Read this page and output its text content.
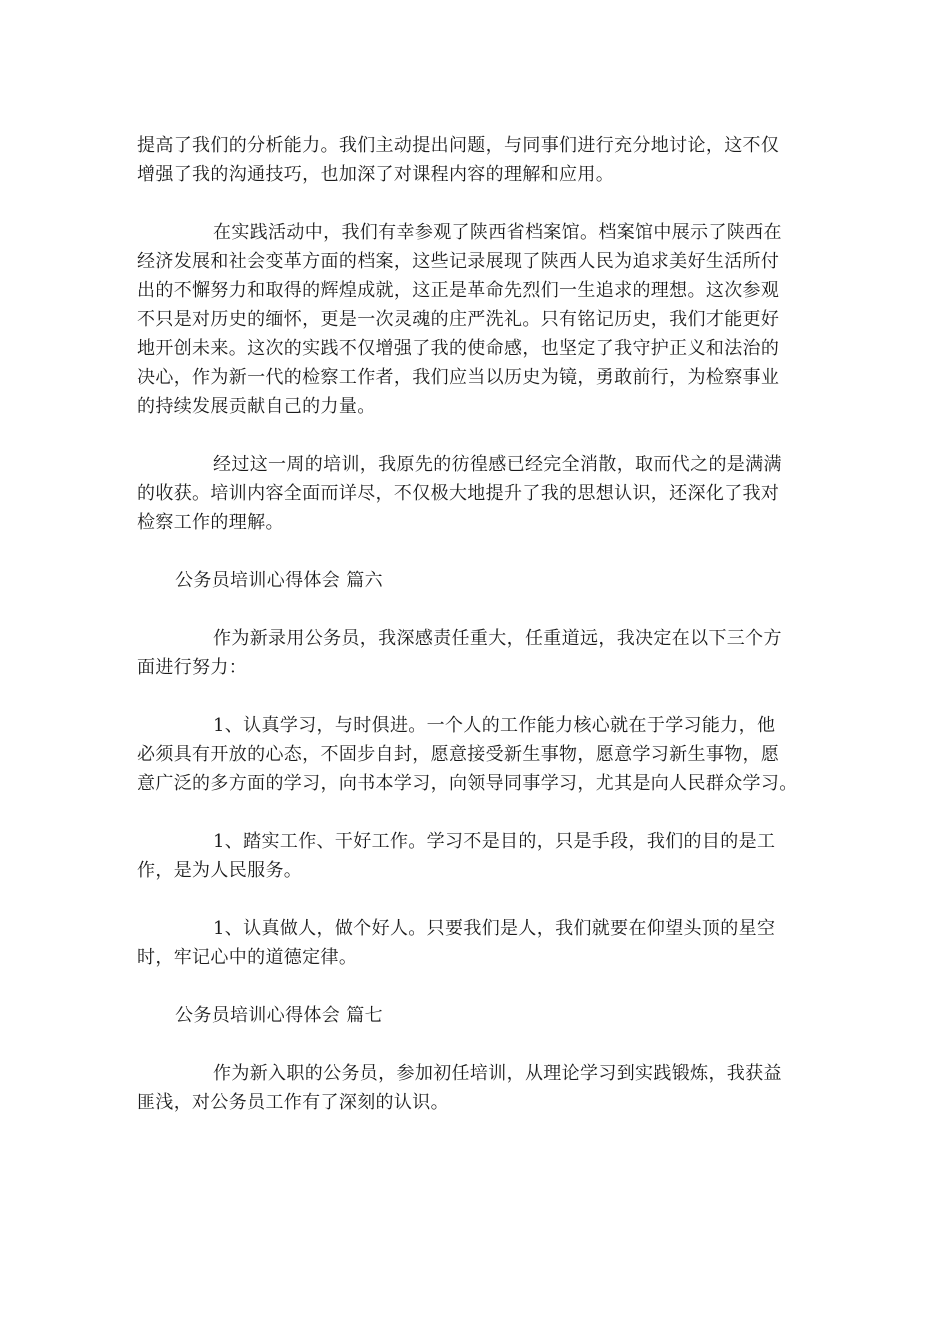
提高了我们的分析能力。我们主动提出问题，与同事们进行充分地讨论，这不仅
增强了我的沟通技巧，也加深了对课程内容的理解和应用。

在实践活动中，我们有幸参观了陕西省档案馆。档案馆中展示了陕西在
经济发展和社会变革方面的档案，这些记录展现了陕西人民为追求美好生活所付
出的不懈努力和取得的辉煌成就，这正是革命先烈们一生追求的理想。这次参观
不只是对历史的缅怀，更是一次灵魂的庄严洗礼。只有铭记历史，我们才能更好
地开创未来。这次的实践不仅增强了我的使命感，也坚定了我守护正义和法治的
决心，作为新一代的检察工作者，我们应当以历史为镜，勇敢前行，为检察事业
的持续发展贡献自己的力量。

经过这一周的培训，我原先的彷徨感已经完全消散，取而代之的是满满
的收获。培训内容全面而详尽，不仅极大地提升了我的思想认识，还深化了我对
检察工作的理解。

公务员培训心得体会 篇六

作为新录用公务员，我深感责任重大，任重道远，我决定在以下三个方
面进行努力：

1、认真学习，与时俱进。一个人的工作能力核心就在于学习能力，他
必须具有开放的心态，不固步自封，愿意接受新生事物，愿意学习新生事物，愿
意广泛的多方面的学习，向书本学习，向领导同事学习，尤其是向人民群众学习。

1、踏实工作、干好工作。学习不是目的，只是手段，我们的目的是工
作，是为人民服务。

1、认真做人，做个好人。只要我们是人，我们就要在仰望头顶的星空
时，牢记心中的道德定律。

公务员培训心得体会 篇七

作为新入职的公务员，参加初任培训，从理论学习到实践锻炼，我获益
匪浅，对公务员工作有了深刻的认识。
